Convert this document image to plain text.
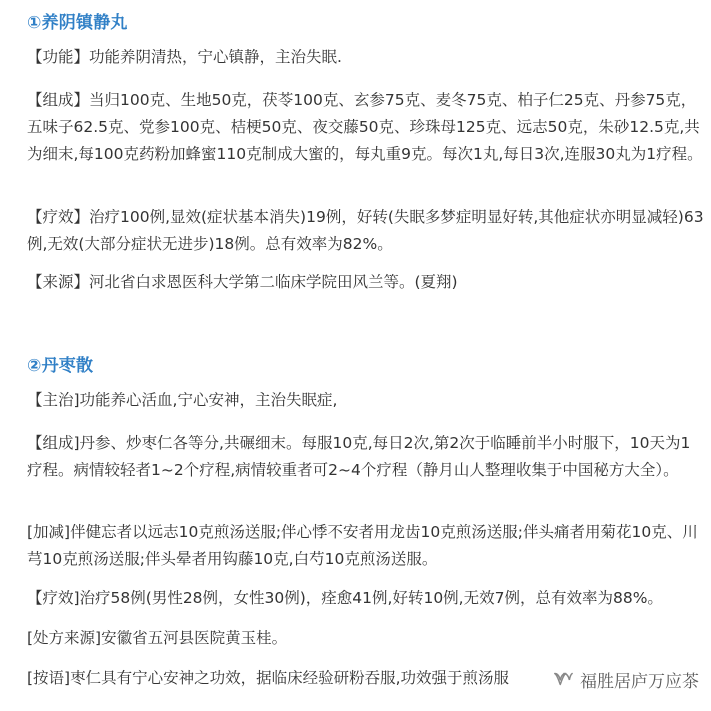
①养阴镇静丸

【功能】功能养阴清热，宁心镇静，主治失眠.

【组成】当归100克、生地50克，茯苓100克、玄参75克、麦冬75克、柏子仁25克、丹参75克，五味子62.5克、党参100克、桔梗50克、夜交藤50克、珍珠母125克、远志50克，朱砂12.5克,共为细末,每100克药粉加蜂蜜110克制成大蜜的，每丸重9克。每次1丸,每日3次,连服30丸为1疗程。

【疗效】治疗100例,显效(症状基本消失)19例，好转(失眠多梦症明显好转,其他症状亦明显减轻)63例,无效(大部分症状无进步)18例。总有效率为82%。

【来源】河北省白求恩医科大学第二临床学院田风兰等。(夏翔)

②丹枣散

【主治]功能养心活血,宁心安神，主治失眠症,

【组成]丹参、炒枣仁各等分,共碾细末。每服10克,每日2次,第2次于临睡前半小时服下，10天为1疗程。病情较轻者1~2个疗程,病情较重者可2~4个疗程（静月山人整理收集于中国秘方大全）。

[加减]伴健忘者以远志10克煎汤送服;伴心悸不安者用龙齿10克煎汤送服;伴头痛者用菊花10克、川芎10克煎汤送服;伴头晕者用钩藤10克,白芍10克煎汤送服。

【疗效]治疗58例(男性28例，女性30例)，痊愈41例,好转10例,无效7例，总有效率为88%。

[处方来源]安徽省五河县医院黄玉桂。

[按语]枣仁具有宁心安神之功效，据临床经验研粉吞服,功效强于煎汤服	福胜居庐万应茶
